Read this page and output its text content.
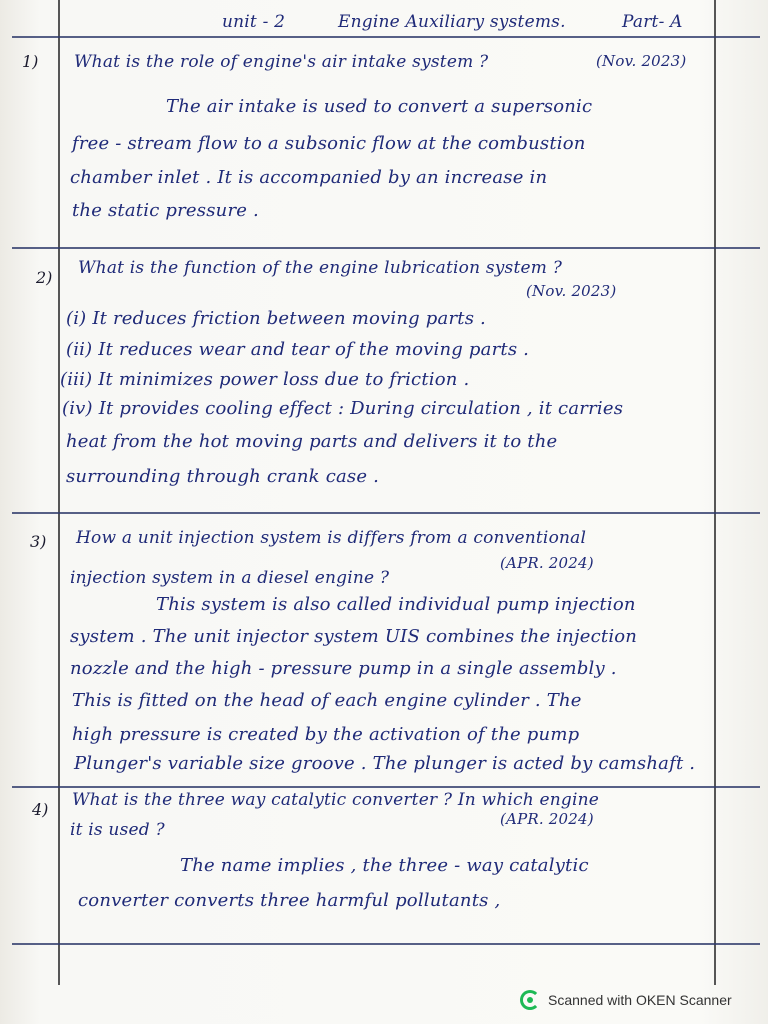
unit - 2	Engine Auxiliary systems.	Part- A
1) What is the role of engine's air intake system ?	(Nov. 2023)
The air intake is used to convert a supersonic
free - stream flow to a subsonic flow at the combustion
chamber inlet . It is accompanied by an increase in
the static pressure .
2) What is the function of the engine lubrication system ?
(Nov. 2023)
(i) It reduces friction between moving parts .
(ii) It reduces wear and tear of the moving parts .
(iii) It minimizes power loss due to friction .
(iv) It provides cooling effect : During circulation , it carries
heat from the hot moving parts and delivers it to the
surrounding through crank case .
3) How a unit injection system is differs from a conventional
injection system in a diesel engine ?
(APR. 2024)
This system is also called individual pump injection
system . The unit injector system UIS combines the injection
nozzle and the high - pressure pump in a single assembly .
This is fitted on the head of each engine cylinder . The
high pressure is created by the activation of the pump
Plunger's variable size groove . The plunger is acted by camshaft .
4) What is the three way catalytic converter ? In which engine
it is used ?
(APR. 2024)
The name implies , the three - way catalytic
converter converts three harmful pollutants ,
Scanned with OKEN Scanner
